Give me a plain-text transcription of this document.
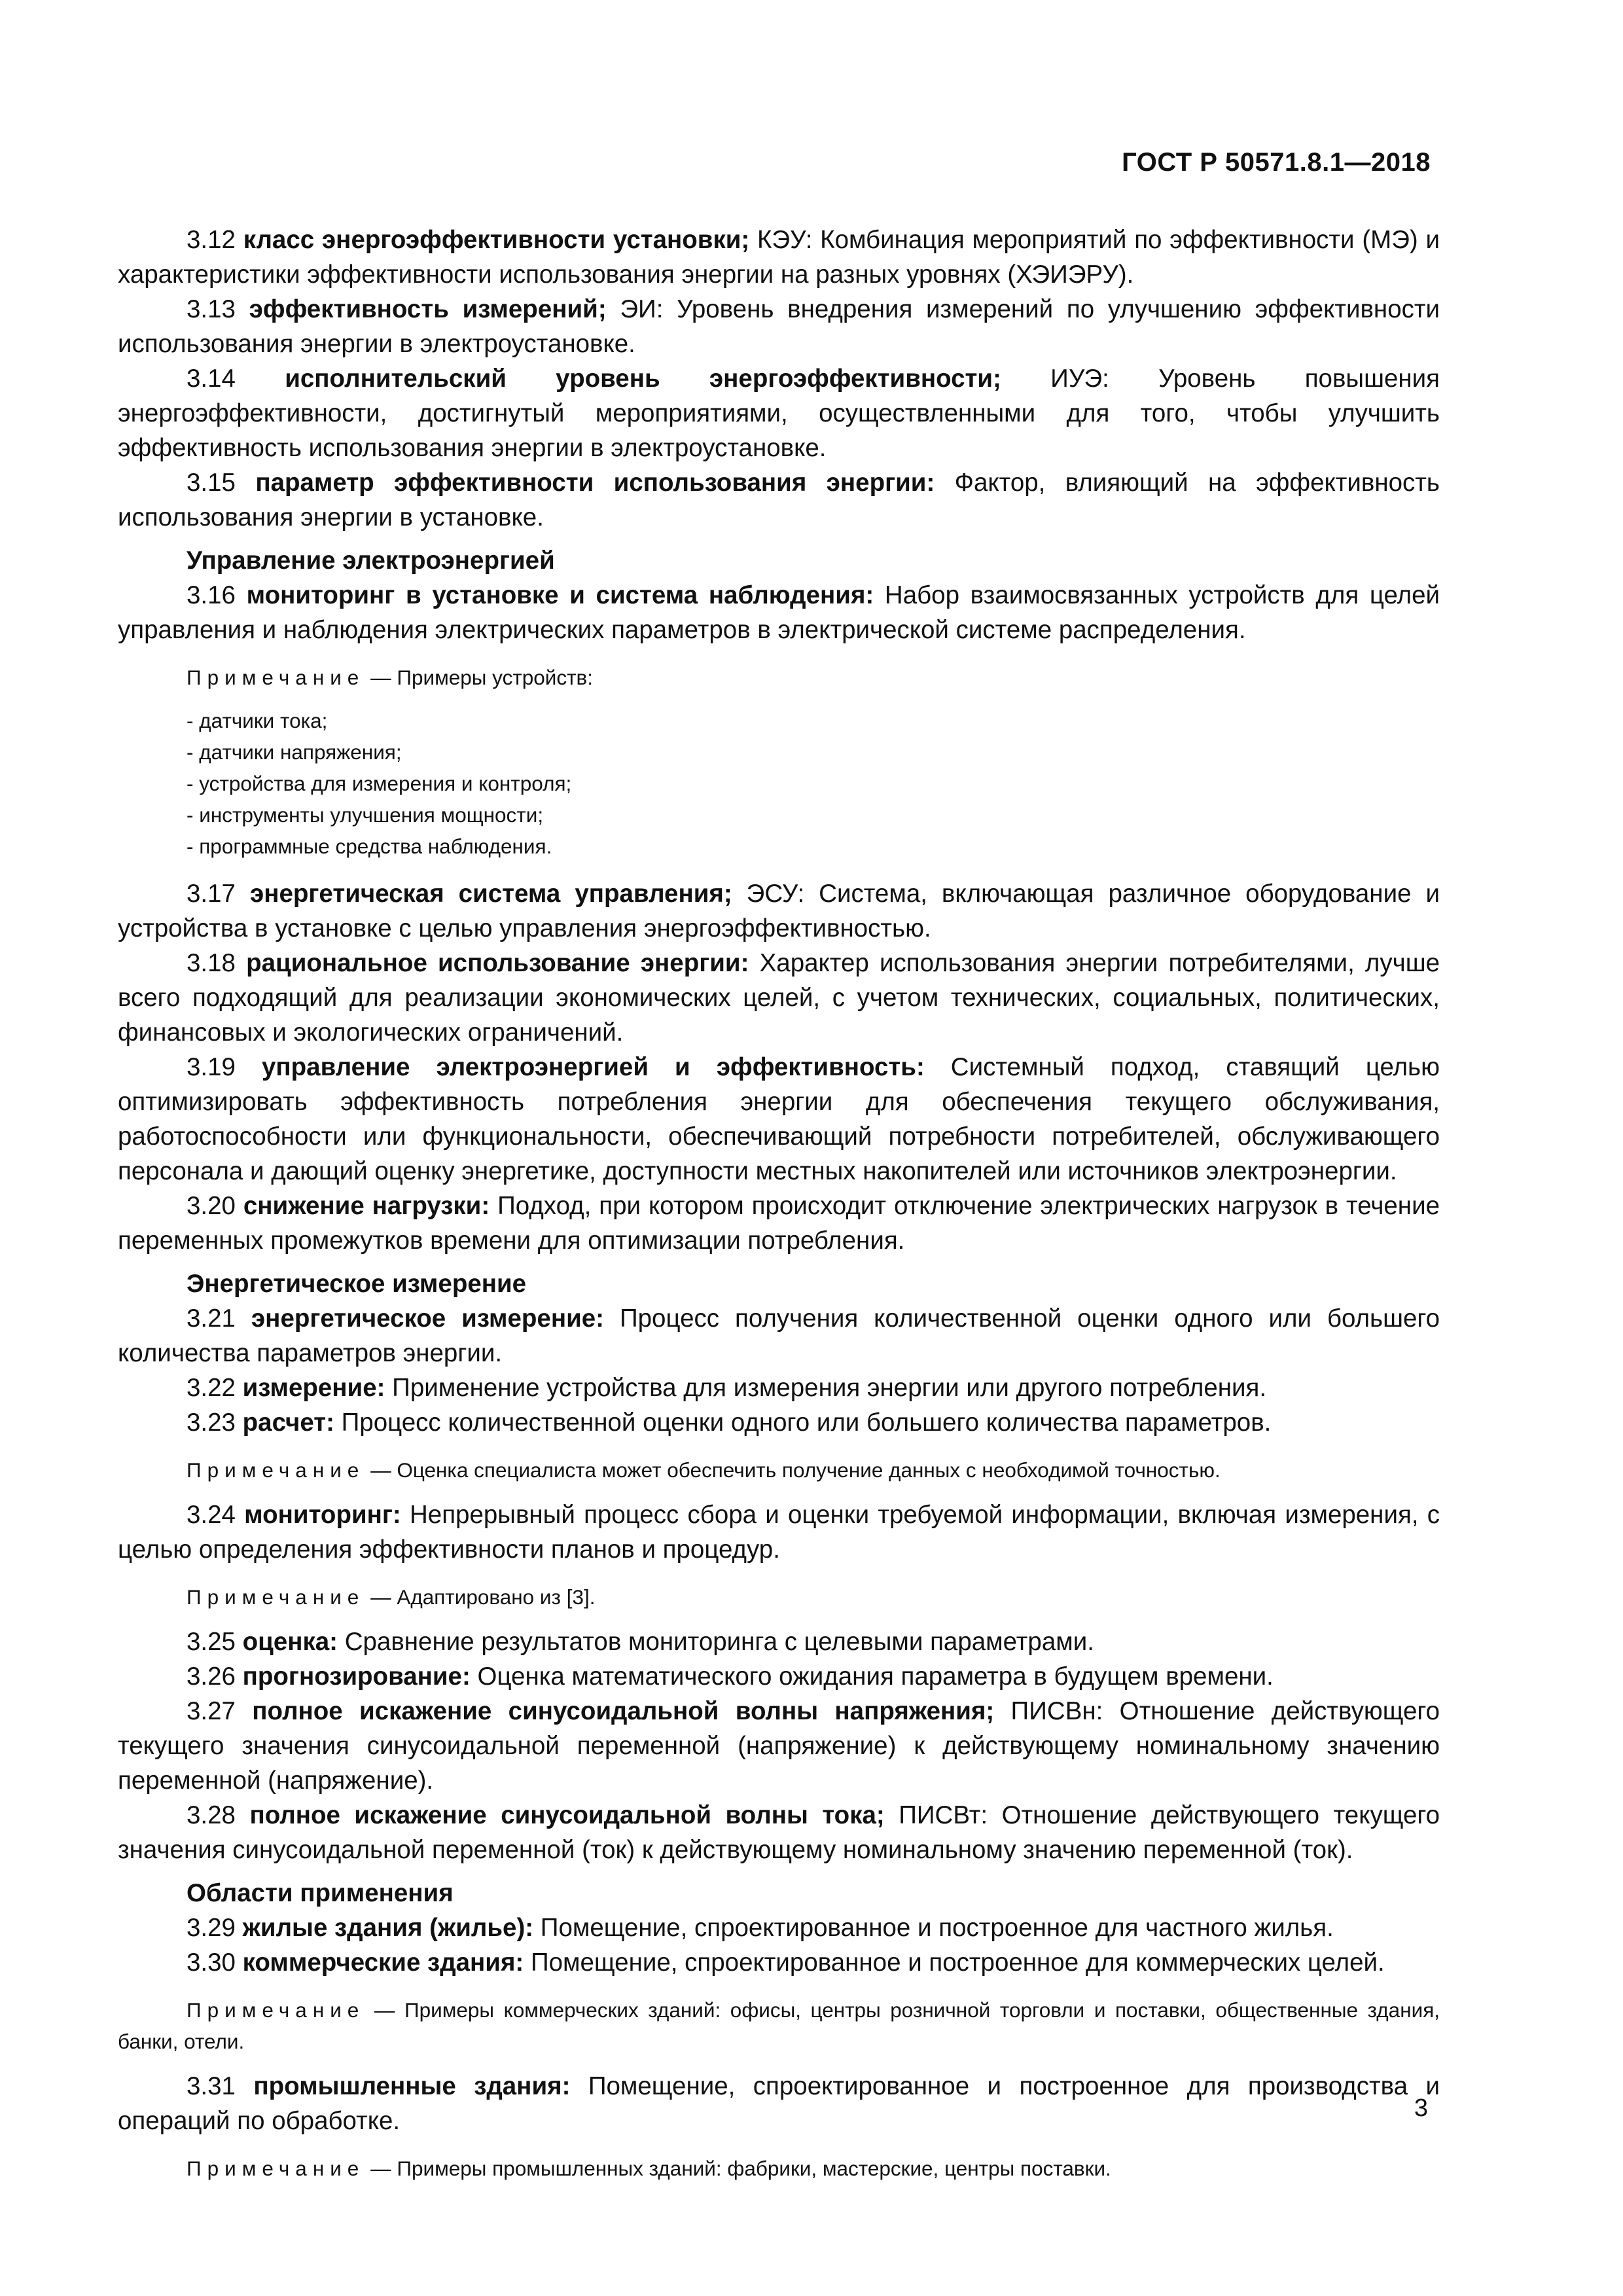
ГОСТ Р 50571.8.1—2018

3.12 класс энергоэффективности установки; КЭУ: Комбинация мероприятий по эффективности (МЭ) и характеристики эффективности использования энергии на разных уровнях (ХЭИЭРУ).

3.13 эффективность измерений; ЭИ: Уровень внедрения измерений по улучшению эффективности использования энергии в электроустановке.

3.14 исполнительский уровень энергоэффективности; ИУЭ: Уровень повышения энергоэффективности, достигнутый мероприятиями, осуществленными для того, чтобы улучшить эффективность использования энергии в электроустановке.

3.15 параметр эффективности использования энергии: Фактор, влияющий на эффективность использования энергии в установке.

Управление электроэнергией

3.16 мониторинг в установке и система наблюдения: Набор взаимосвязанных устройств для целей управления и наблюдения электрических параметров в электрической системе распределения.

Примечание — Примеры устройств:
- датчики тока;
- датчики напряжения;
- устройства для измерения и контроля;
- инструменты улучшения мощности;
- программные средства наблюдения.

3.17 энергетическая система управления; ЭСУ: Система, включающая различное оборудование и устройства в установке с целью управления энергоэффективностью.

3.18 рациональное использование энергии: Характер использования энергии потребителями, лучше всего подходящий для реализации экономических целей, с учетом технических, социальных, политических, финансовых и экологических ограничений.

3.19 управление электроэнергией и эффективность: Системный подход, ставящий целью оптимизировать эффективность потребления энергии для обеспечения текущего обслуживания, работоспособности или функциональности, обеспечивающий потребности потребителей, обслуживающего персонала и дающий оценку энергетике, доступности местных накопителей или источников электроэнергии.

3.20 снижение нагрузки: Подход, при котором происходит отключение электрических нагрузок в течение переменных промежутков времени для оптимизации потребления.

Энергетическое измерение

3.21 энергетическое измерение: Процесс получения количественной оценки одного или большего количества параметров энергии.

3.22 измерение: Применение устройства для измерения энергии или другого потребления.

3.23 расчет: Процесс количественной оценки одного или большего количества параметров.

Примечание — Оценка специалиста может обеспечить получение данных с необходимой точностью.

3.24 мониторинг: Непрерывный процесс сбора и оценки требуемой информации, включая измерения, с целью определения эффективности планов и процедур.

Примечание — Адаптировано из [3].

3.25 оценка: Сравнение результатов мониторинга с целевыми параметрами.

3.26 прогнозирование: Оценка математического ожидания параметра в будущем времени.

3.27 полное искажение синусоидальной волны напряжения; ПИСВн: Отношение действующего текущего значения синусоидальной переменной (напряжение) к действующему номинальному значению переменной (напряжение).

3.28 полное искажение синусоидальной волны тока; ПИСВт: Отношение действующего текущего значения синусоидальной переменной (ток) к действующему номинальному значению переменной (ток).

Области применения

3.29 жилые здания (жилье): Помещение, спроектированное и построенное для частного жилья.

3.30 коммерческие здания: Помещение, спроектированное и построенное для коммерческих целей.

Примечание — Примеры коммерческих зданий: офисы, центры розничной торговли и поставки, общественные здания, банки, отели.

3.31 промышленные здания: Помещение, спроектированное и построенное для производства и операций по обработке.

Примечание — Примеры промышленных зданий: фабрики, мастерские, центры поставки.
3
